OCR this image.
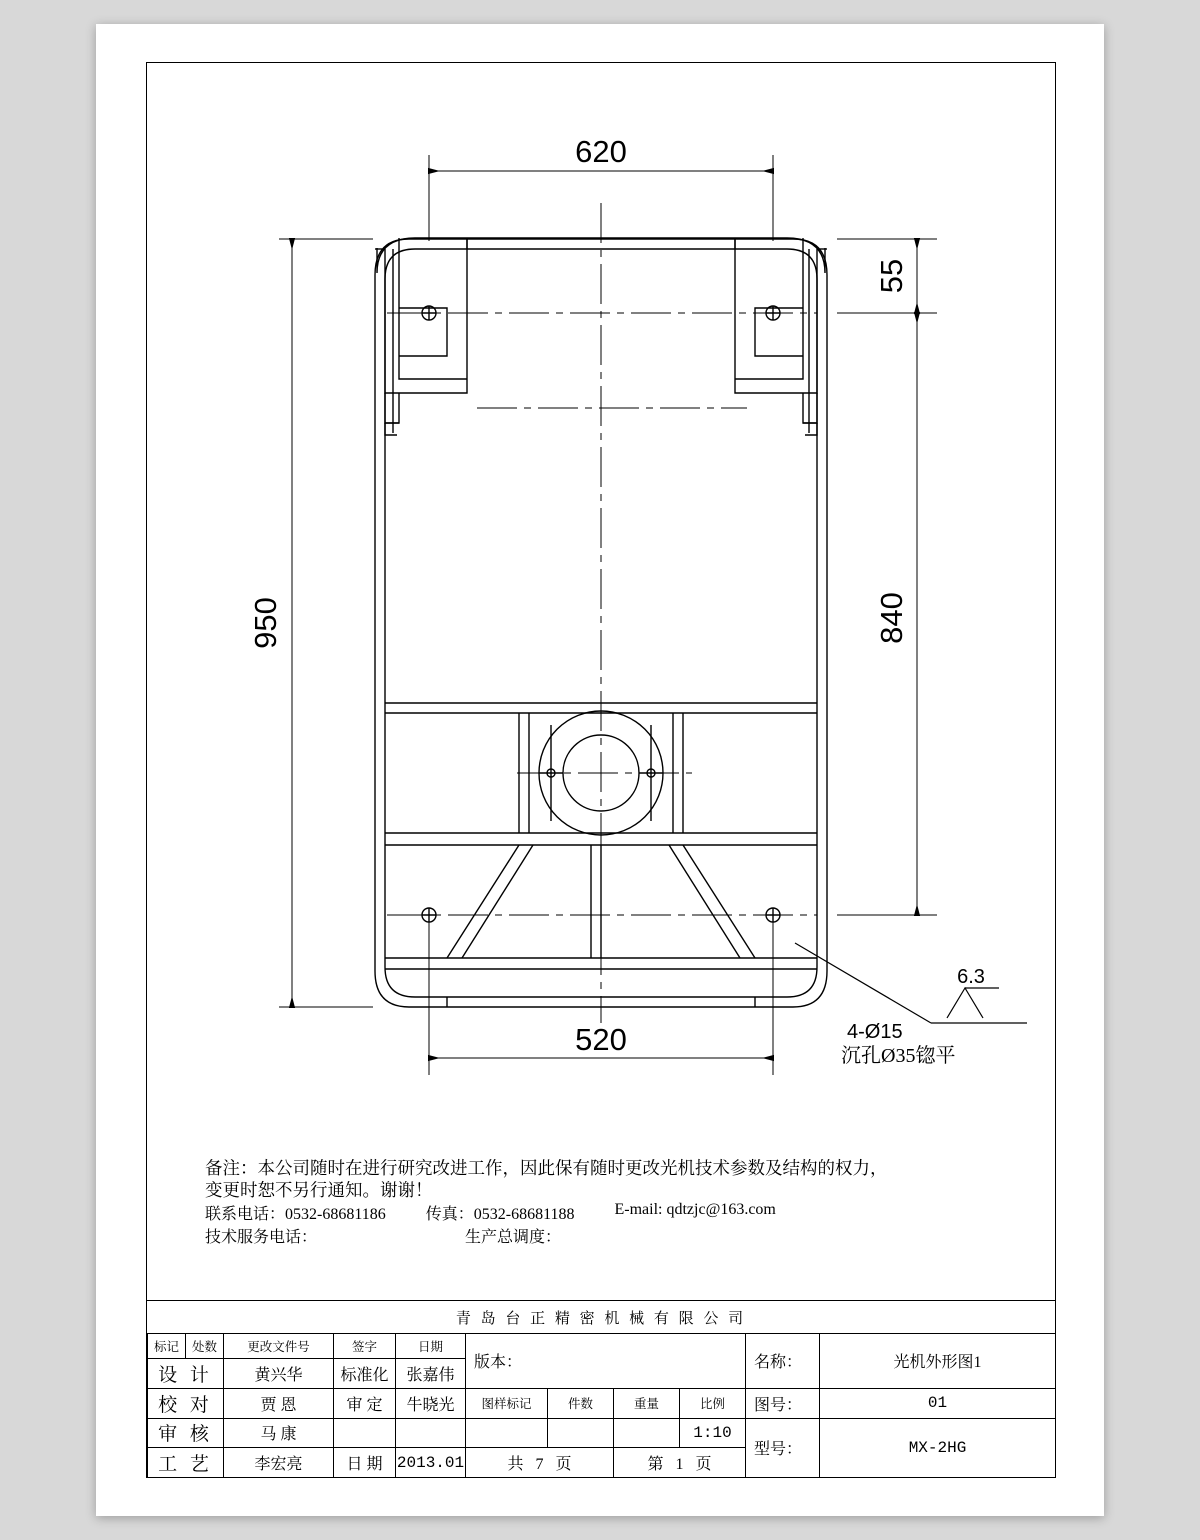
620
55
950	840
520
6.3
4-Ø15
沉孔Ø35锪平
备注：本公司随时在进行研究改进工作，因此保有随时更改光机技术参数及结构的权力，
变更时恕不另行通知。谢谢！
联系电话：0532-68681186	传真：0532-68681188	E-mail: qdtzjc@163.com
技术服务电话：	生产总调度：
青 岛 台 正 精 密 机 械 有 限 公 司
标记	处数	更改文件号	签字	日期	版本：				名称：	光机外形图1
设 计		黄兴华	标准化	张嘉伟						
校 对		贾 恩	审 定	牛晓光	图样标记	件数	重量	比例	图号：	01
审 核		马 康						1:10	型号：	MX-2HG
工 艺		李宏亮	日 期	2013.01	共 7 页		第 1 页			
